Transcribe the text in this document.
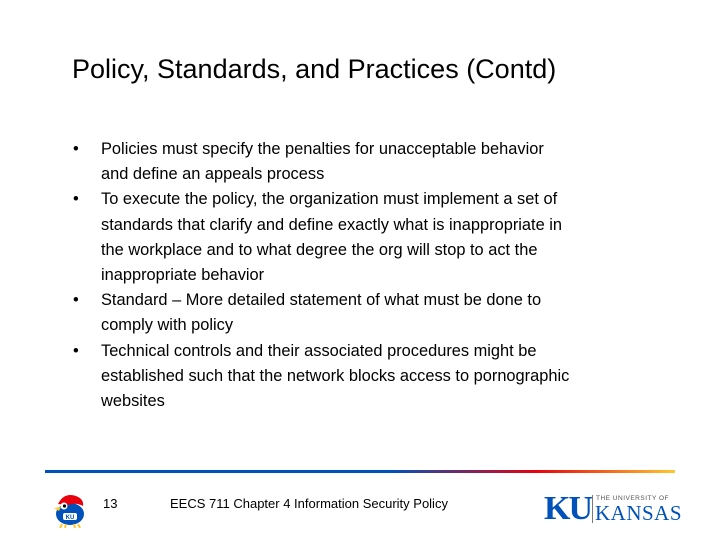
Policy, Standards, and Practices (Contd)
• Policies must specify the penalties for unacceptable behavior
and define an appeals process
• To execute the policy, the organization must implement a set of
standards that clarify and define exactly what is inappropriate in
the workplace and to what degree the org will stop to act the
inappropriate behavior
• Standard – More detailed statement of what must be done to
comply with policy
• Technical controls and their associated procedures might be
established such that the network blocks access to pornographic
websites
KU
13	EECS 711 Chapter 4 Information Security Policy	KU THE UNIVERSITY OF
KANSAS
